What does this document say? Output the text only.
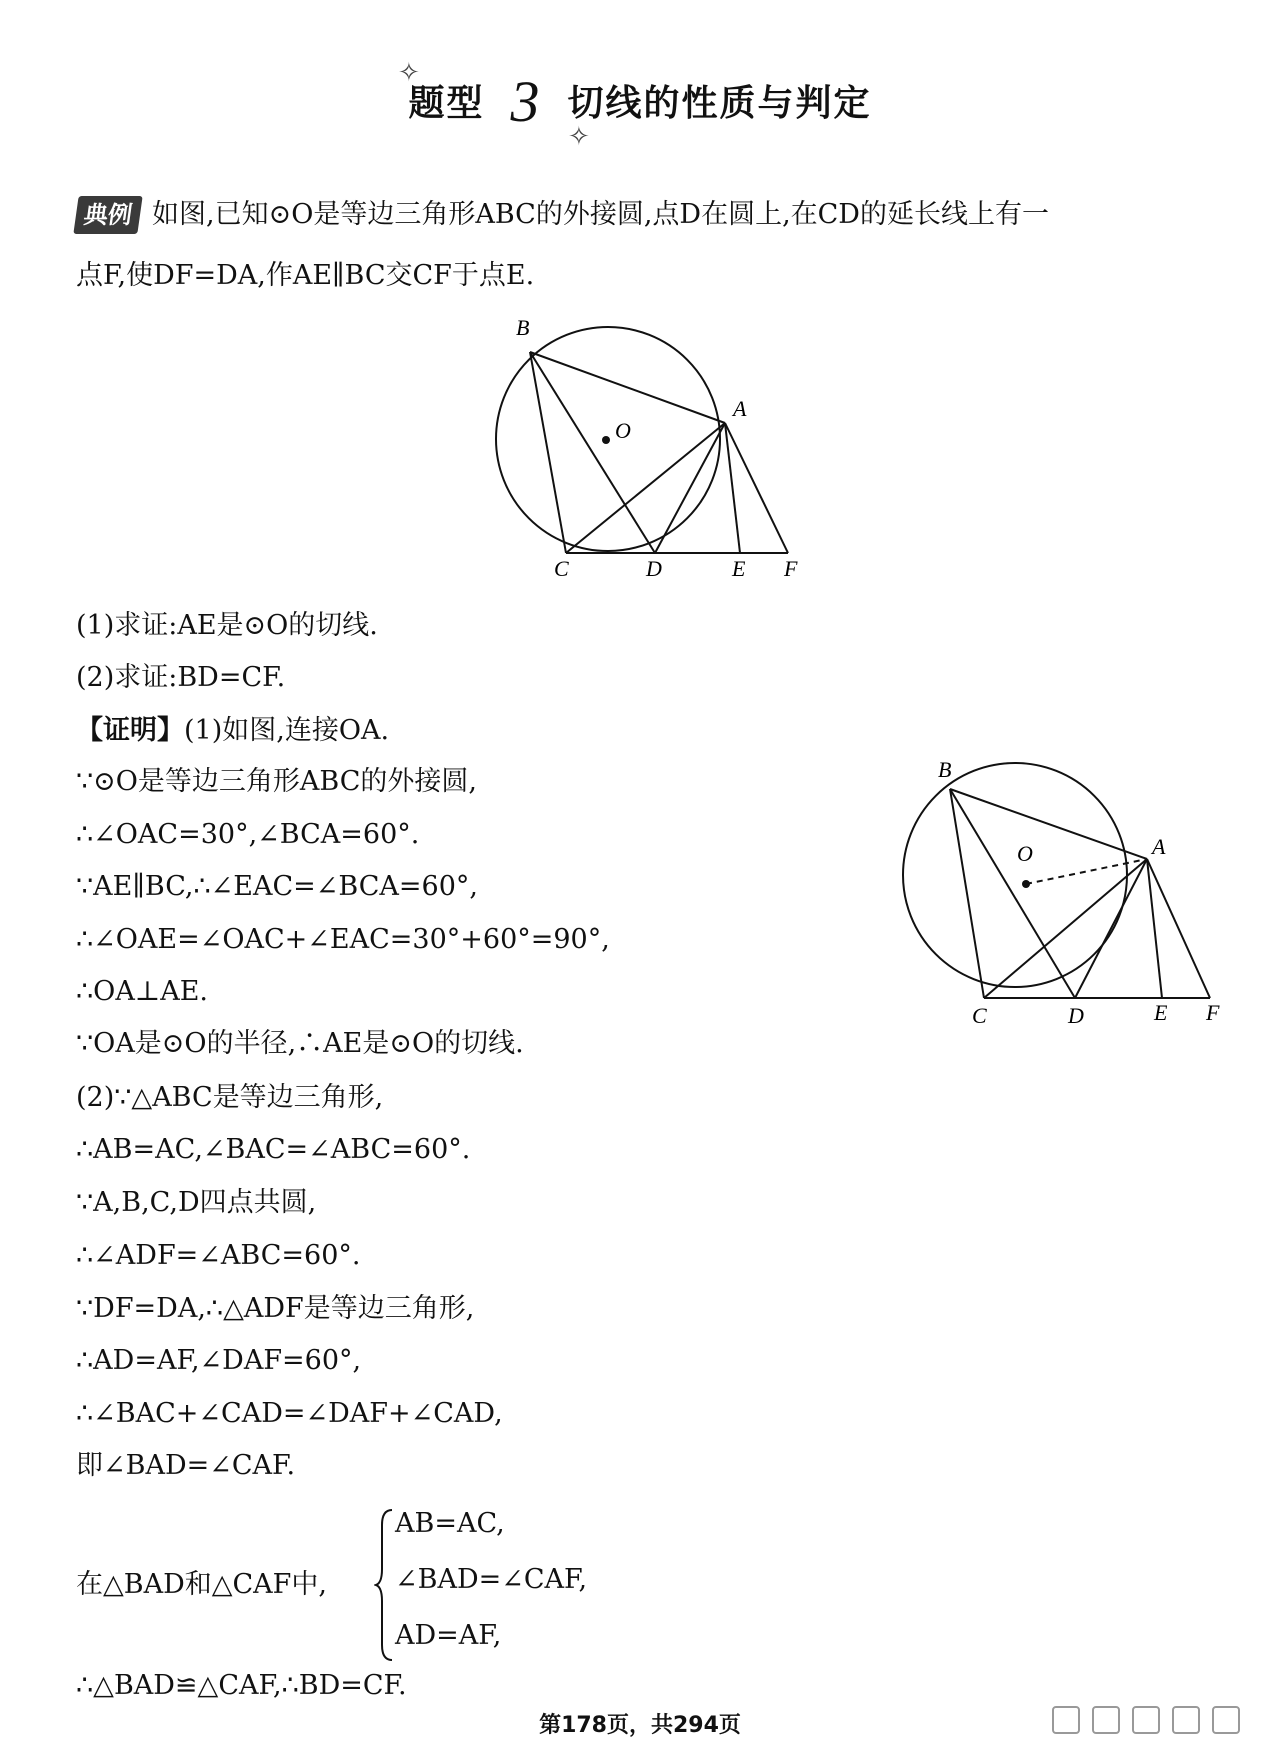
✧
✧
题型 3 切线的性质与判定
典例 如图,已知⊙O是等边三角形ABC的外接圆,点D在圆上,在CD的延长线上有一
点F,使DF=DA,作AE∥BC交CF于点E.
B
A
O
C	D	E F
(1)求证:AE是⊙O的切线.
(2)求证:BD=CF.
【证明】(1)如图,连接OA.
∵⊙O是等边三角形ABC的外接圆,
∴∠OAC=30°,∠BCA=60°.
∵AE∥BC,∴∠EAC=∠BCA=60°,
∴∠OAE=∠OAC+∠EAC=30°+60°=90°,
∴OA⊥AE.
∵OA是⊙O的半径,∴AE是⊙O的切线.
(2)∵△ABC是等边三角形,
∴AB=AC,∠BAC=∠ABC=60°.
∵A,B,C,D四点共圆,
∴∠ADF=∠ABC=60°.
∵DF=DA,∴△ADF是等边三角形,
∴AD=AF,∠DAF=60°,
∴∠BAC+∠CAD=∠DAF+∠CAD,
即∠BAD=∠CAF.
在△BAD和△CAF中,
AB=AC,
∠BAD=∠CAF,
AD=AF,
∴△BAD≌△CAF,∴BD=CF.
B
A
O
C	D	E F
第178页，共294页
